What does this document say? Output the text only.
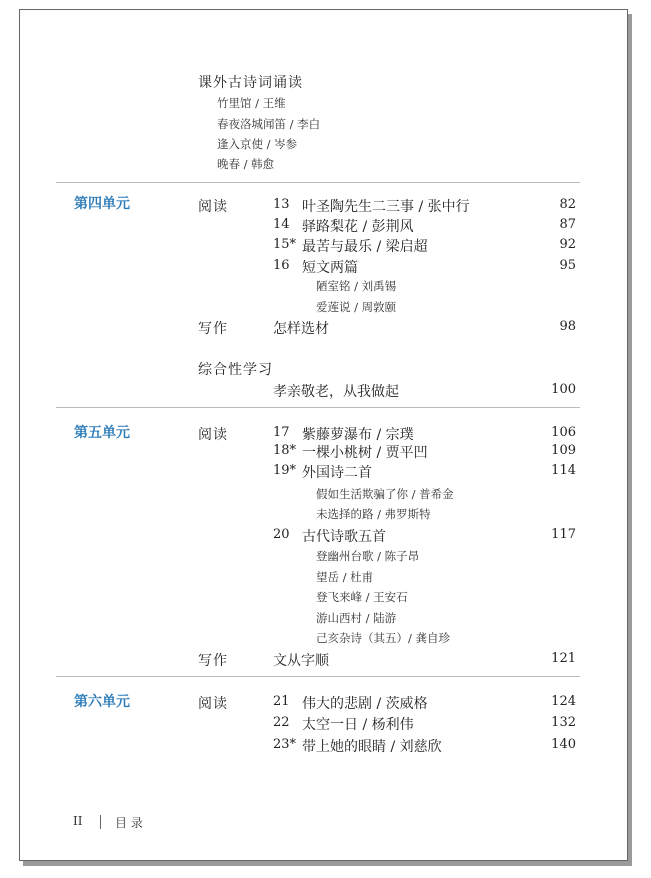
课外古诗词诵读
竹里馆 / 王维
春夜洛城闻笛 / 李白
逢入京使 / 岑参
晚春 / 韩愈
第四单元	阅读	13 叶圣陶先生二三事 / 张中行	82
14 驿路梨花 / 彭荆风	87
15* 最苦与最乐 / 梁启超	92
16 短文两篇	95
陋室铭 / 刘禹锡
爱莲说 / 周敦颐
写作	怎样选材	98
综合性学习
孝亲敬老，从我做起	100
第五单元	阅读	17 紫藤萝瀑布 / 宗璞	106
18* 一棵小桃树 / 贾平凹	109
19* 外国诗二首	114
假如生活欺骗了你 / 普希金
未选择的路 / 弗罗斯特
20 古代诗歌五首	117
登幽州台歌 / 陈子昂
望岳 / 杜甫
登飞来峰 / 王安石
游山西村 / 陆游
己亥杂诗（其五）/ 龚自珍
写作	文从字顺	121
第六单元	阅读	21 伟大的悲剧 / 茨威格	124
22 太空一日 / 杨利伟	132
23* 带上她的眼睛 / 刘慈欣	140
II	目 录
